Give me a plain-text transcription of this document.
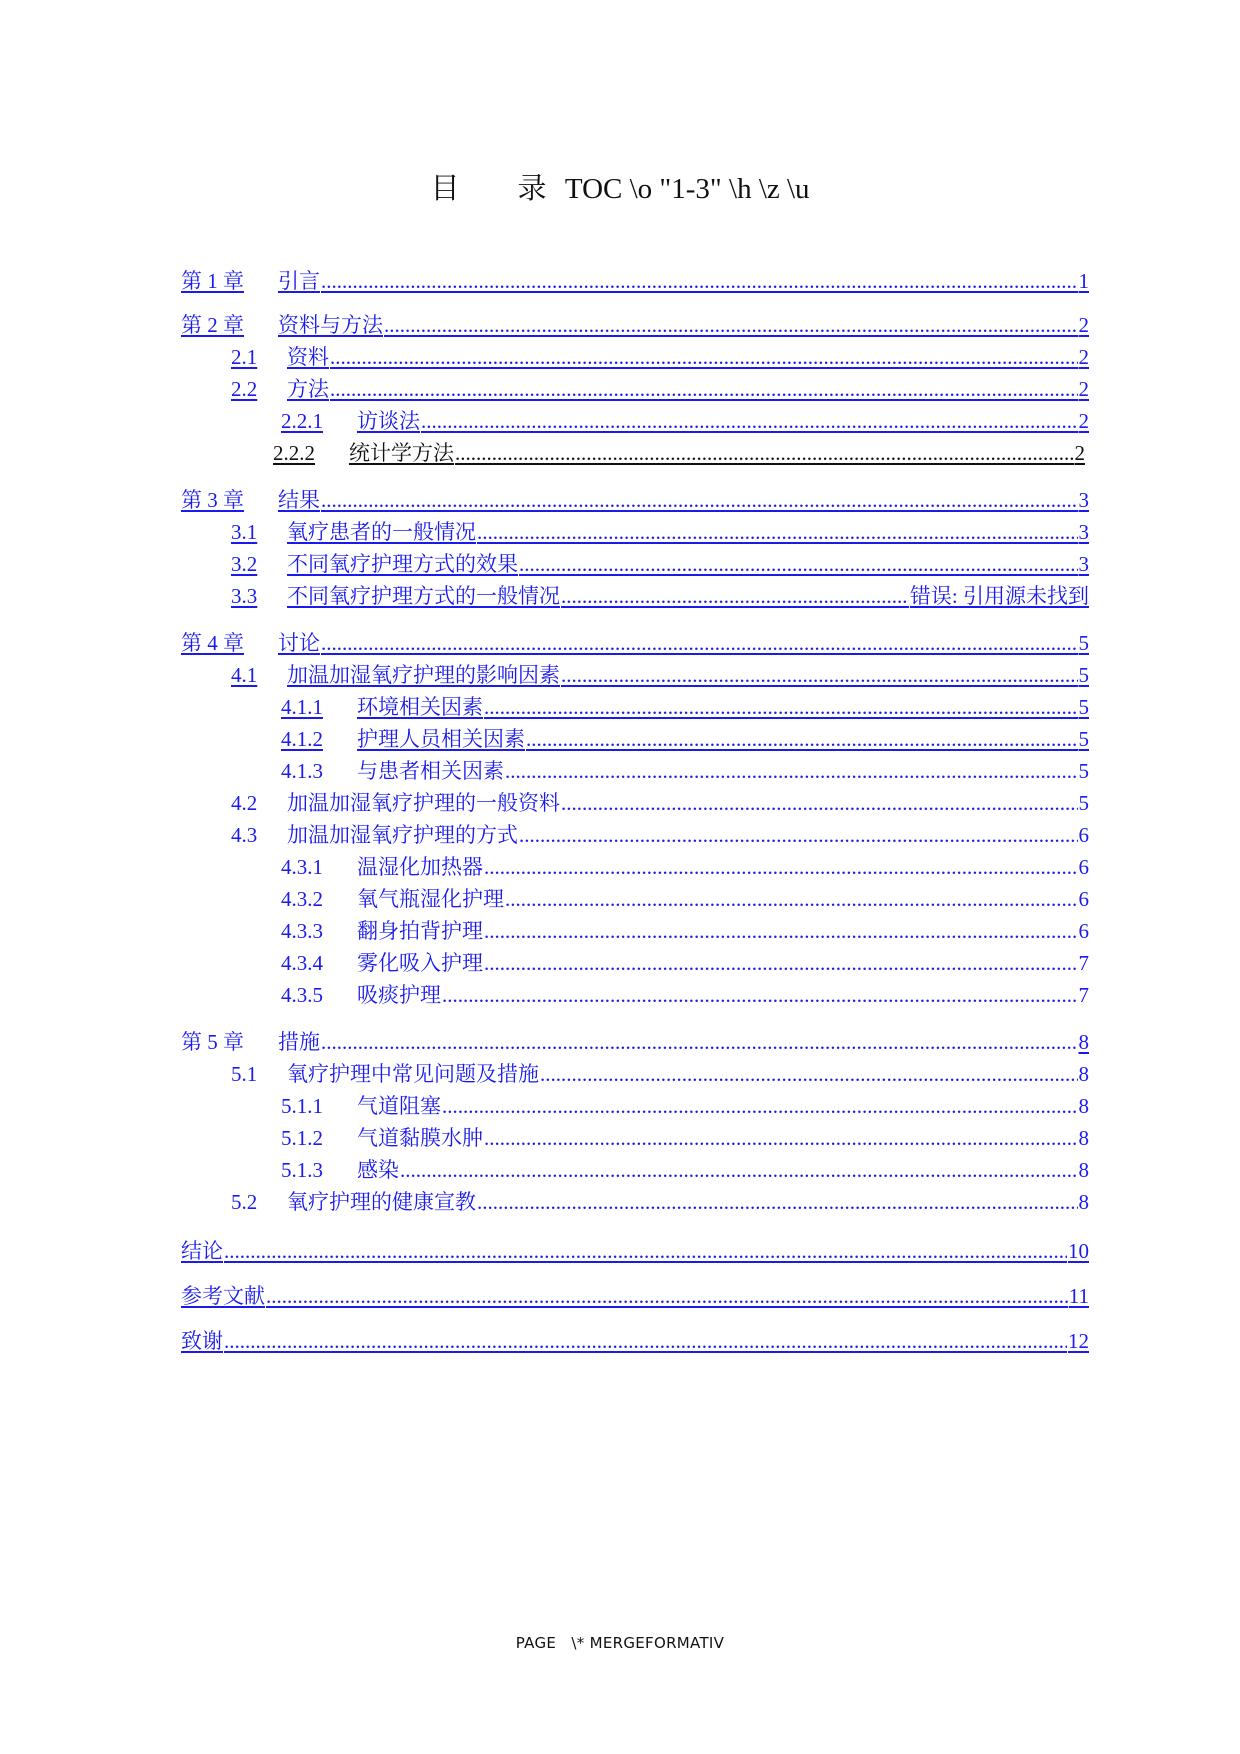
目　　录 TOC \o "1-3" \h \z \u
第 1 章	引言 .....	1
第 2 章	资料与方法 .....	2
2.1	资料 .....	2
2.2	方法 .....	2
2.2.1	访谈法 .....	2
2.2.2	统计学方法 .....	2
第 3 章	结果 .....	3
3.1	氧疗患者的一般情况 .....	3
3.2	不同氧疗护理方式的效果 .....	3
3.3	不同氧疗护理方式的一般情况 .....	错误: 引用源未找到
第 4 章	讨论 .....	5
4.1	加温加湿氧疗护理的影响因素 .....	5
4.1.1	环境相关因素 .....	5
4.1.2	护理人员相关因素 .....	5
4.1.3	与患者相关因素 .....	5
4.2	加温加湿氧疗护理的一般资料 .....	5
4.3	加温加湿氧疗护理的方式 .....	6
4.3.1	温湿化加热器 .....	6
4.3.2	氧气瓶湿化护理 .....	6
4.3.3	翻身拍背护理 .....	6
4.3.4	雾化吸入护理 .....	7
4.3.5	吸痰护理 .....	7
第 5 章	措施 .....	8
5.1	氧疗护理中常见问题及措施 .....	8
5.1.1	气道阻塞 .....	8
5.1.2	气道黏膜水肿 .....	8
5.1.3	感染 .....	8
5.2	氧疗护理的健康宣教 .....	8
结论 .....	10
参考文献 .....	11
致谢 .....	12
PAGE   \* MERGEFORMATIV
